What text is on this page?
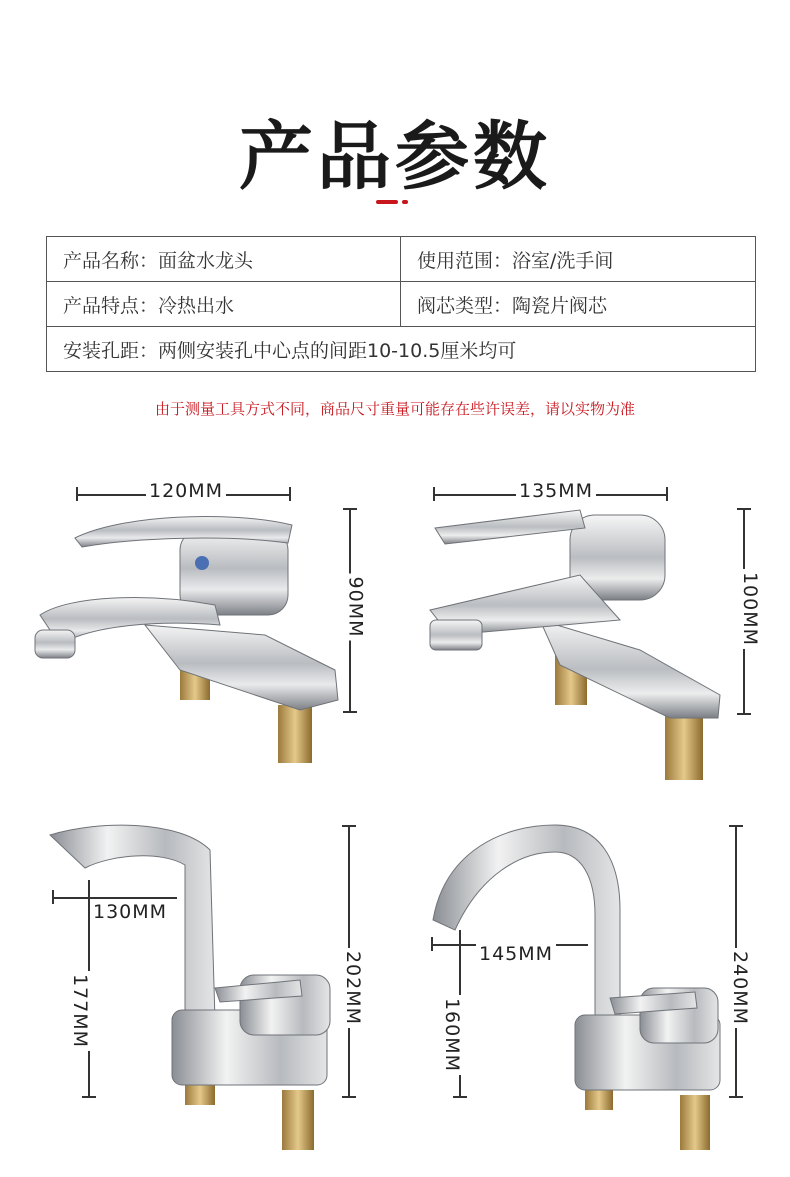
产品参数
产品名称：面盆水龙头	使用范围：浴室/洗手间
产品特点：冷热出水	阀芯类型：陶瓷片阀芯
安装孔距：两侧安装孔中心点的间距10-10.5厘米均可	
由于测量工具方式不同，商品尺寸重量可能存在些许误差，请以实物为准
120MM
90MM
135MM
100MM
130MM
177MM	202MM	145MM
160MM
240MM
